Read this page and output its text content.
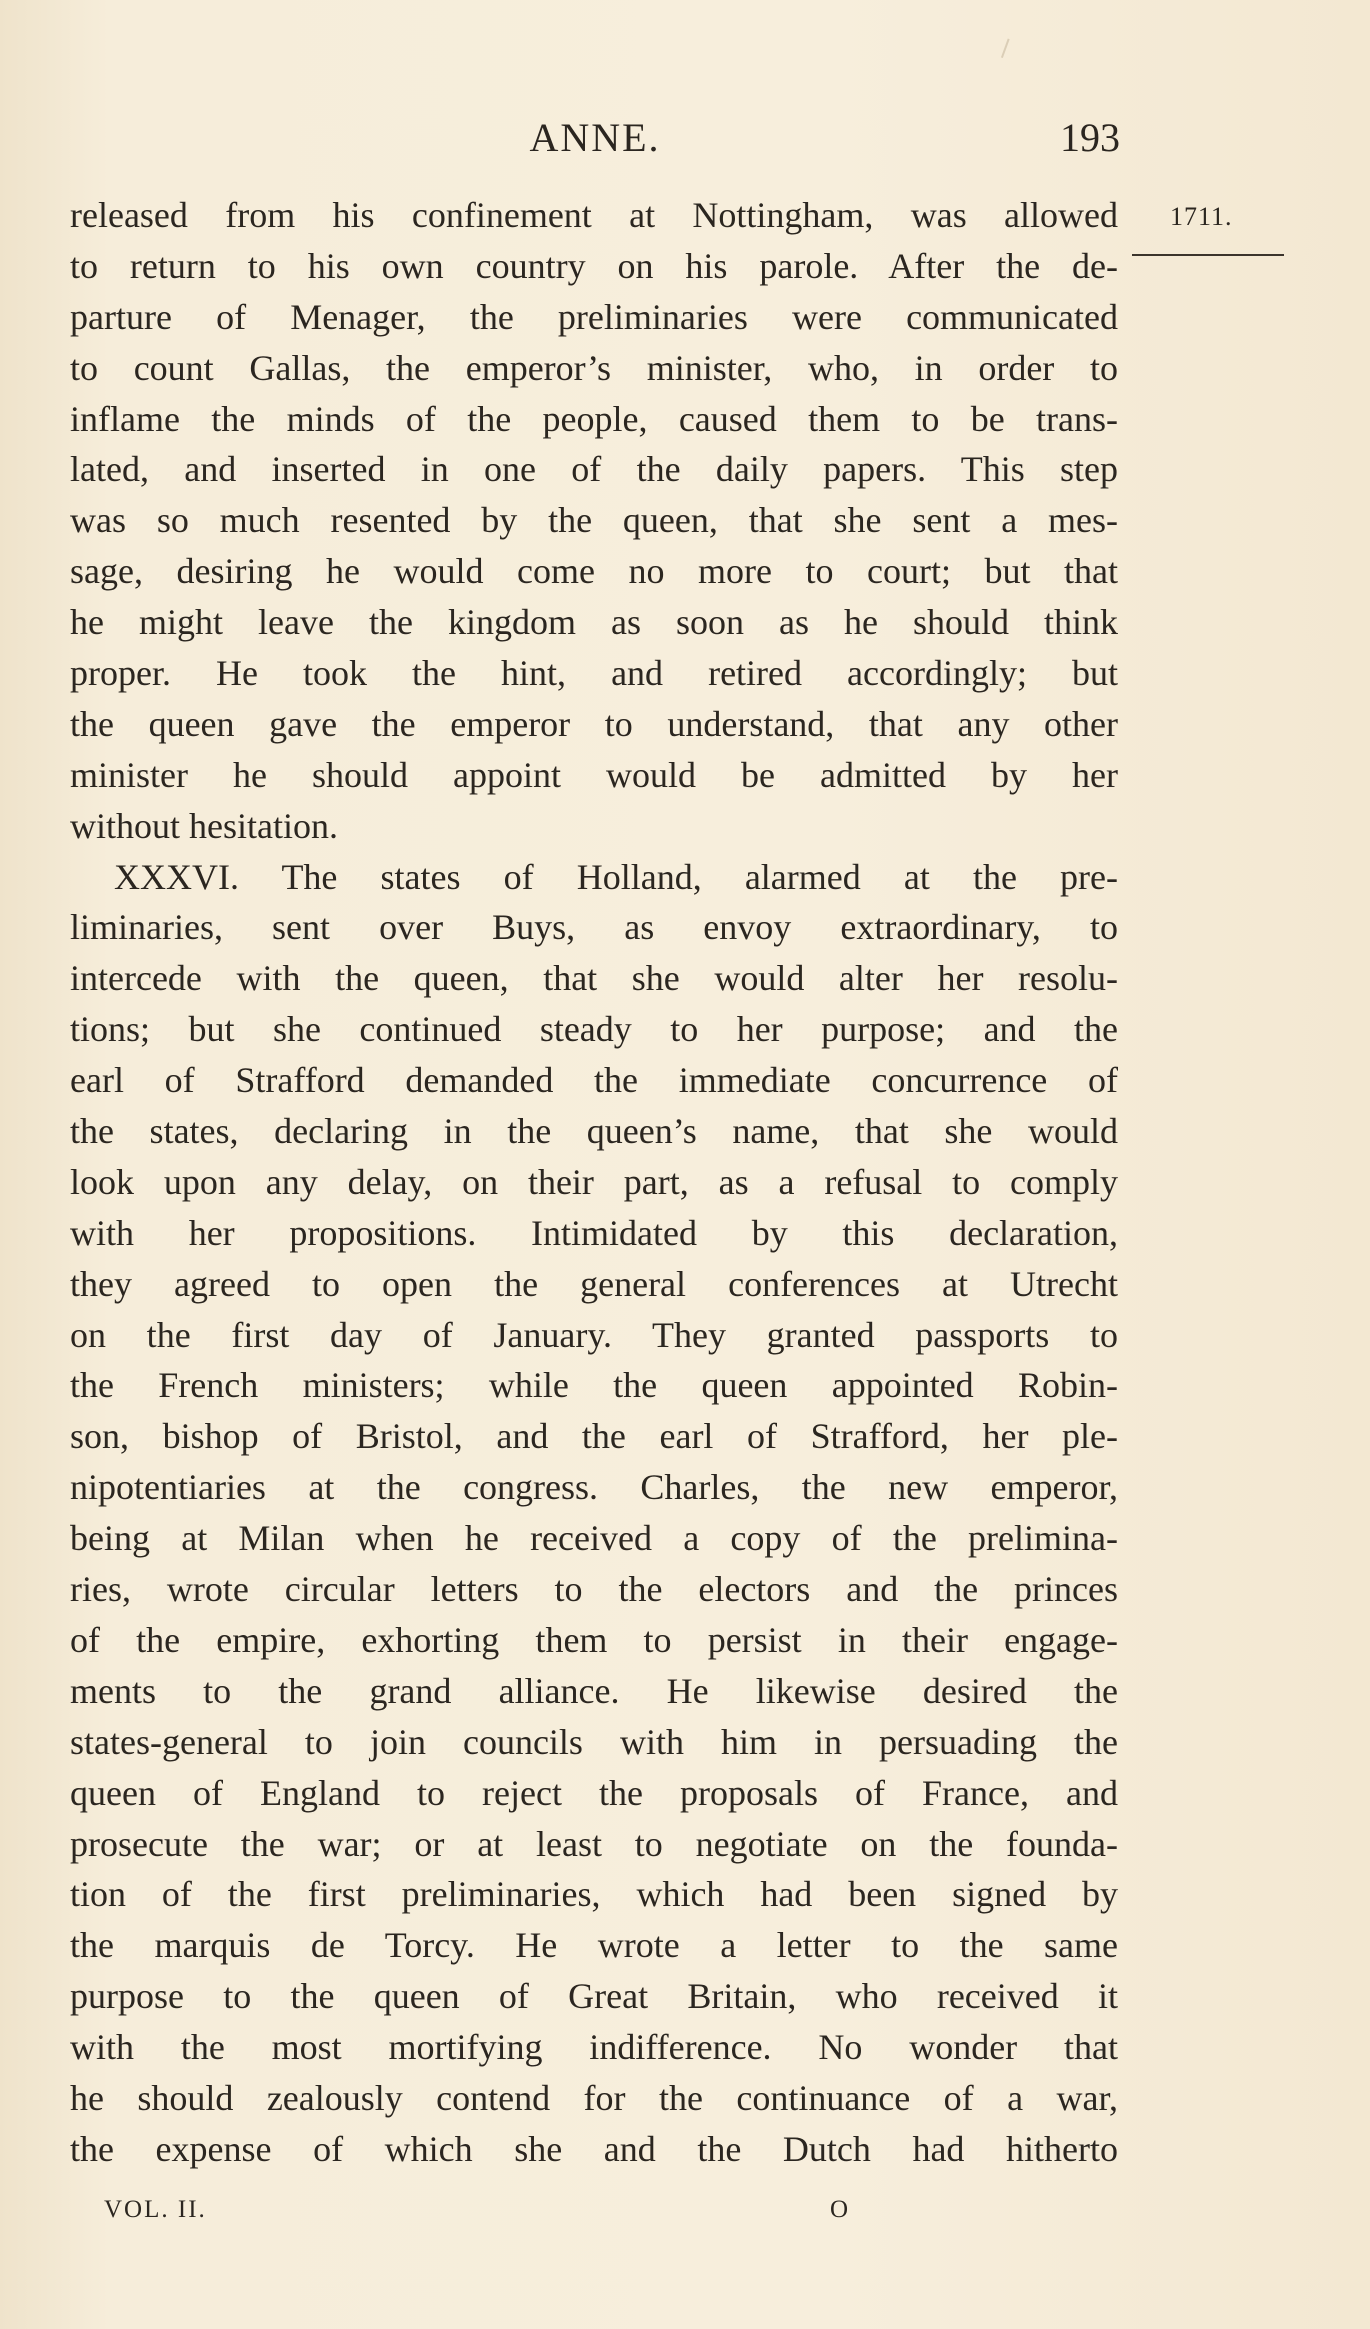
ANNE.	193
1711.
released from his confinement at Nottingham, was allowed
to return to his own country on his parole. After the de-
parture of Menager, the preliminaries were communicated
to count Gallas, the emperor’s minister, who, in order to
inflame the minds of the people, caused them to be trans-
lated, and inserted in one of the daily papers. This step
was so much resented by the queen, that she sent a mes-
sage, desiring he would come no more to court; but that
he might leave the kingdom as soon as he should think
proper. He took the hint, and retired accordingly; but
the queen gave the emperor to understand, that any other
minister he should appoint would be admitted by her
without hesitation.
XXXVI. The states of Holland, alarmed at the pre-
liminaries, sent over Buys, as envoy extraordinary, to
intercede with the queen, that she would alter her resolu-
tions; but she continued steady to her purpose; and the
earl of Strafford demanded the immediate concurrence of
the states, declaring in the queen’s name, that she would
look upon any delay, on their part, as a refusal to comply
with her propositions. Intimidated by this declaration,
they agreed to open the general conferences at Utrecht
on the first day of January. They granted passports to
the French ministers; while the queen appointed Robin-
son, bishop of Bristol, and the earl of Strafford, her ple-
nipotentiaries at the congress. Charles, the new emperor,
being at Milan when he received a copy of the prelimina-
ries, wrote circular letters to the electors and the princes
of the empire, exhorting them to persist in their engage-
ments to the grand alliance. He likewise desired the
states-general to join councils with him in persuading the
queen of England to reject the proposals of France, and
prosecute the war; or at least to negotiate on the founda-
tion of the first preliminaries, which had been signed by
the marquis de Torcy. He wrote a letter to the same
purpose to the queen of Great Britain, who received it
with the most mortifying indifference. No wonder that
he should zealously contend for the continuance of a war,
the expense of which she and the Dutch had hitherto
VOL. II.	O
